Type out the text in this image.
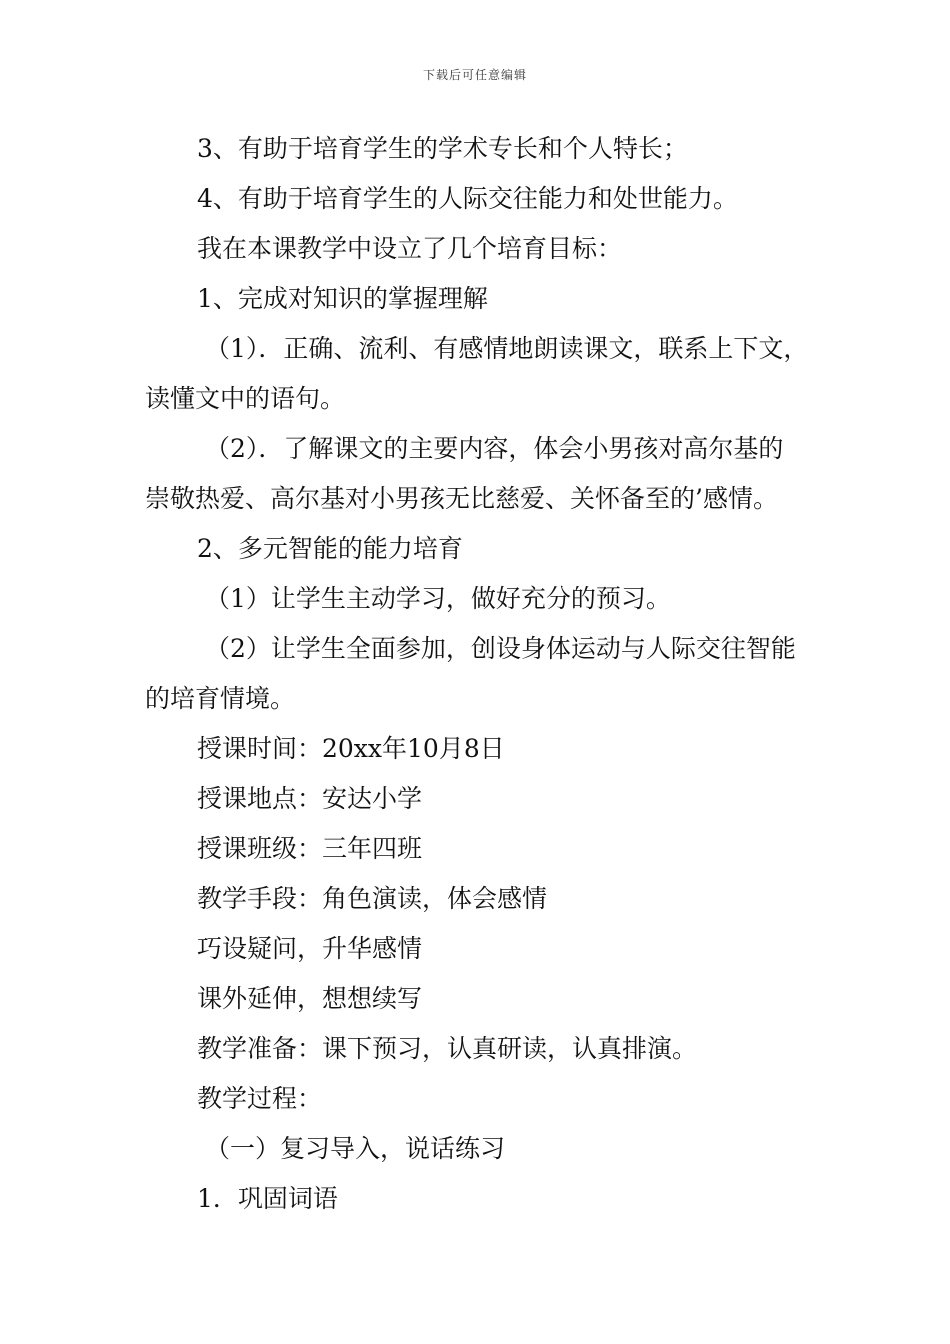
下载后可任意编辑

3、有助于培育学生的学术专长和个人特长；

4、有助于培育学生的人际交往能力和处世能力。

我在本课教学中设立了几个培育目标：

1、完成对知识的掌握理解

（1）．正确、流利、有感情地朗读课文，联系上下文，

读懂文中的语句。

（2）．了解课文的主要内容，体会小男孩对高尔基的

崇敬热爱、高尔基对小男孩无比慈爱、关怀备至的’感情。

2、多元智能的能力培育

（1）让学生主动学习，做好充分的预习。

（2）让学生全面参加，创设身体运动与人际交往智能

的培育情境。

授课时间：20xx年10月8日

授课地点：安达小学

授课班级：三年四班

教学手段：角色演读，体会感情

巧设疑问，升华感情

课外延伸，想想续写

教学准备：课下预习，认真研读，认真排演。

教学过程：

（一）复习导入，说话练习

1．巩固词语
